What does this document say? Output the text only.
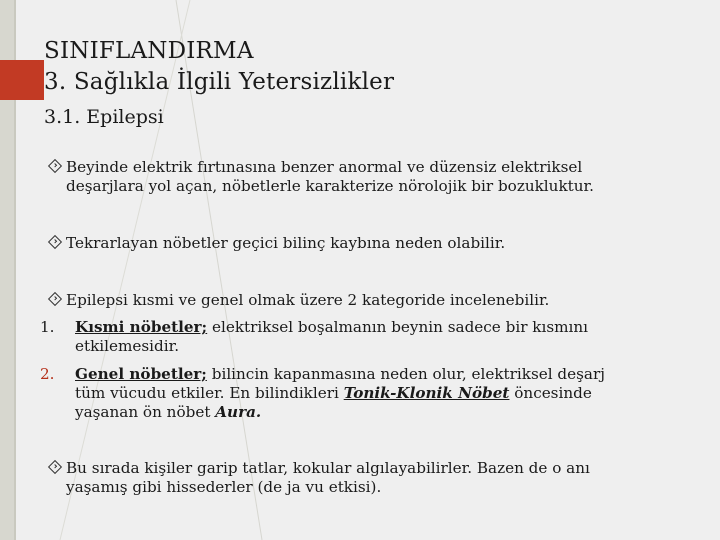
SINIFLANDIRMA
3. Sağlıkla İlgili Yetersizlikler
3.1. Epilepsi
Beyinde elektrik fırtınasına benzer anormal ve düzensiz elektriksel
deşarjlara yol açan, nöbetlerle karakterize nörolojik bir bozukluktur.
Tekrarlayan nöbetler geçici bilinç kaybına neden olabilir.
Epilepsi kısmi ve genel olmak üzere 2 kategoride incelenebilir.
1. Kısmi nöbetler; elektriksel boşalmanın beynin sadece bir kısmını
etkilemesidir.
2. Genel nöbetler; bilincin kapanmasına neden olur, elektriksel deşarj
tüm vücudu etkiler. En bilindikleri Tonik-Klonik Nöbet öncesinde
yaşanan ön nöbet Aura.
Bu sırada kişiler garip tatlar, kokular algılayabilirler. Bazen de o anı
yaşamış gibi hissederler (de ja vu etkisi).
